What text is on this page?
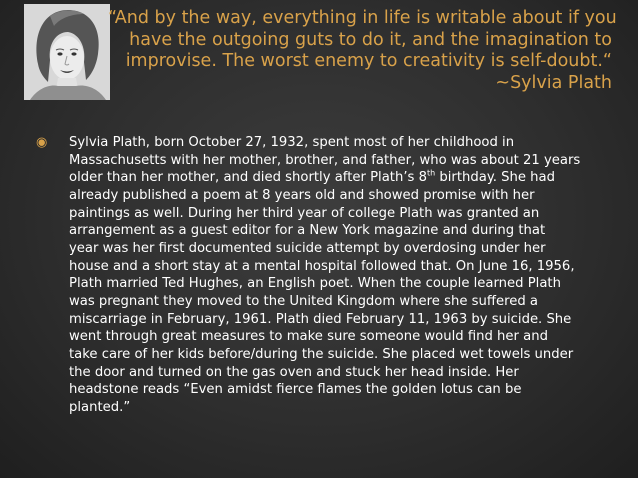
“And by the way, everything in life is writable about if you
have the outgoing guts to do it, and the imagination to
improvise. The worst enemy to creativity is self-doubt.“
~Sylvia Plath
◉ Sylvia Plath, born October 27, 1932, spent most of her childhood in
Massachusetts with her mother, brother, and father, who was about 21 years
older than her mother, and died shortly after Plath’s 8th birthday. She had
already published a poem at 8 years old and showed promise with her
paintings as well. During her third year of college Plath was granted an
arrangement as a guest editor for a New York magazine and during that
year was her first documented suicide attempt by overdosing under her
house and a short stay at a mental hospital followed that. On June 16, 1956,
Plath married Ted Hughes, an English poet. When the couple learned Plath
was pregnant they moved to the United Kingdom where she suffered a
miscarriage in February, 1961. Plath died February 11, 1963 by suicide. She
went through great measures to make sure someone would find her and
take care of her kids before/during the suicide. She placed wet towels under
the door and turned on the gas oven and stuck her head inside. Her
headstone reads “Even amidst fierce flames the golden lotus can be
planted.”
